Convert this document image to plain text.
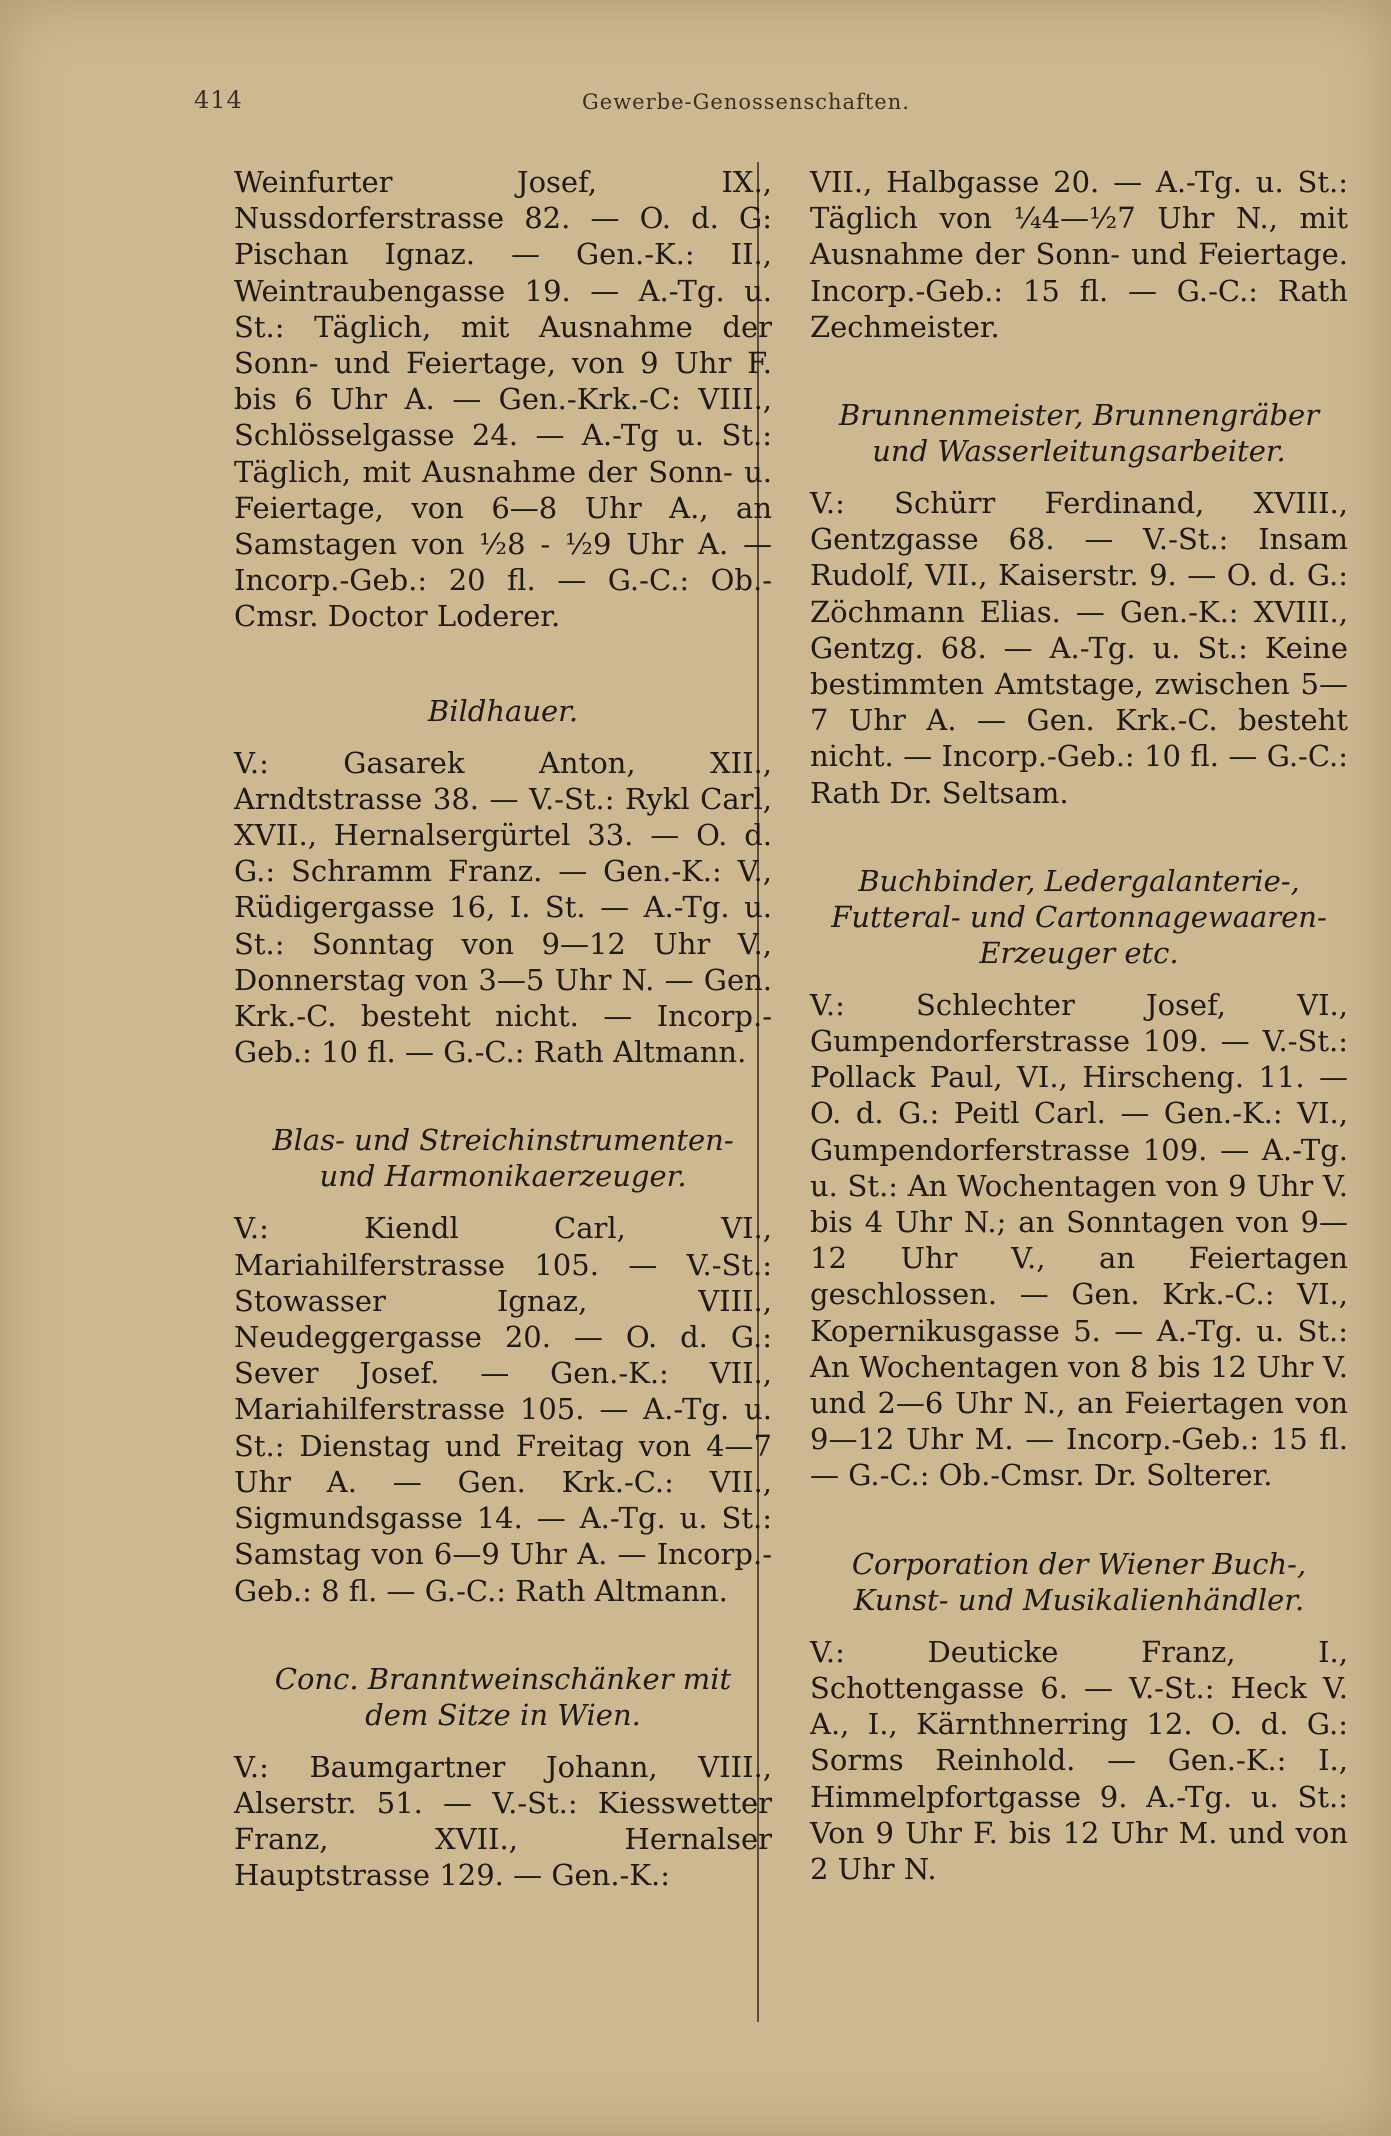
414	Gewerbe-Genossenschaften.

Weinfurter Josef, IX., Nussdorferstrasse 82. — O. d. G: Pischan Ignaz. — Gen.-K.: II., Weintraubengasse 19. — A.-Tg. u. St.: Täglich, mit Ausnahme der Sonn- und Feiertage, von 9 Uhr F. bis 6 Uhr A. — Gen.-Krk.-C: VIII., Schlösselgasse 24. — A.-Tg u. St.: Täglich, mit Ausnahme der Sonn- u. Feiertage, von 6—8 Uhr A., an Samstagen von ½8 - ½9 Uhr A. — Incorp.-Geb.: 20 fl. — G.-C.: Ob.-Cmsr. Doctor Loderer.

Bildhauer.

V.: Gasarek Anton, XII., Arndtstrasse 38. — V.-St.: Rykl Carl, XVII., Hernalsergürtel 33. — O. d. G.: Schramm Franz. — Gen.-K.: V., Rüdigergasse 16, I. St. — A.-Tg. u. St.: Sonntag von 9—12 Uhr V., Donnerstag von 3—5 Uhr N. — Gen. Krk.-C. besteht nicht. — Incorp.-Geb.: 10 fl. — G.-C.: Rath Altmann.

Blas- und Streichinstrumenten- und Harmonikaerzeuger.

V.: Kiendl Carl, VI., Mariahilferstrasse 105. — V.-St.: Stowasser Ignaz, VIII., Neudeggergasse 20. — O. d. G.: Sever Josef. — Gen.-K.: VII., Mariahilferstrasse 105. — A.-Tg. u. St.: Dienstag und Freitag von 4—7 Uhr A. — Gen. Krk.-C.: VII., Sigmundsgasse 14. — A.-Tg. u. St.: Samstag von 6—9 Uhr A. — Incorp.-Geb.: 8 fl. — G.-C.: Rath Altmann.

Conc. Branntweinschänker mit dem Sitze in Wien.

V.: Baumgartner Johann, VIII., Alserstr. 51. — V.-St.: Kiesswetter Franz, XVII., Hernalser Hauptstrasse 129. — Gen.-K.:

VII., Halbgasse 20. — A.-Tg. u. St.: Täglich von ¼4—½7 Uhr N., mit Ausnahme der Sonn- und Feiertage. Incorp.-Geb.: 15 fl. — G.-C.: Rath Zechmeister.

Brunnenmeister, Brunnengräber und Wasserleitungsarbeiter.

V.: Schürr Ferdinand, XVIII., Gentzgasse 68. — V.-St.: Insam Rudolf, VII., Kaiserstr. 9. — O. d. G.: Zöchmann Elias. — Gen.-K.: XVIII., Gentzg. 68. — A.-Tg. u. St.: Keine bestimmten Amtstage, zwischen 5—7 Uhr A. — Gen. Krk.-C. besteht nicht. — Incorp.-Geb.: 10 fl. — G.-C.: Rath Dr. Seltsam.

Buchbinder, Ledergalanterie-, Futteral- und Cartonnagewaaren-Erzeuger etc.

V.: Schlechter Josef, VI., Gumpendorferstrasse 109. — V.-St.: Pollack Paul, VI., Hirscheng. 11. — O. d. G.: Peitl Carl. — Gen.-K.: VI., Gumpendorferstrasse 109. — A.-Tg. u. St.: An Wochentagen von 9 Uhr V. bis 4 Uhr N.; an Sonntagen von 9—12 Uhr V., an Feiertagen geschlossen. — Gen. Krk.-C.: VI., Kopernikusgasse 5. — A.-Tg. u. St.: An Wochentagen von 8 bis 12 Uhr V. und 2—6 Uhr N., an Feiertagen von 9—12 Uhr M. — Incorp.-Geb.: 15 fl. — G.-C.: Ob.-Cmsr. Dr. Solterer.

Corporation der Wiener Buch-, Kunst- und Musikalienhändler.

V.: Deuticke Franz, I., Schottengasse 6. — V.-St.: Heck V. A., I., Kärnthnerring 12. O. d. G.: Sorms Reinhold. — Gen.-K.: I., Himmelpfortgasse 9. A.-Tg. u. St.: Von 9 Uhr F. bis 12 Uhr M. und von 2 Uhr N.
